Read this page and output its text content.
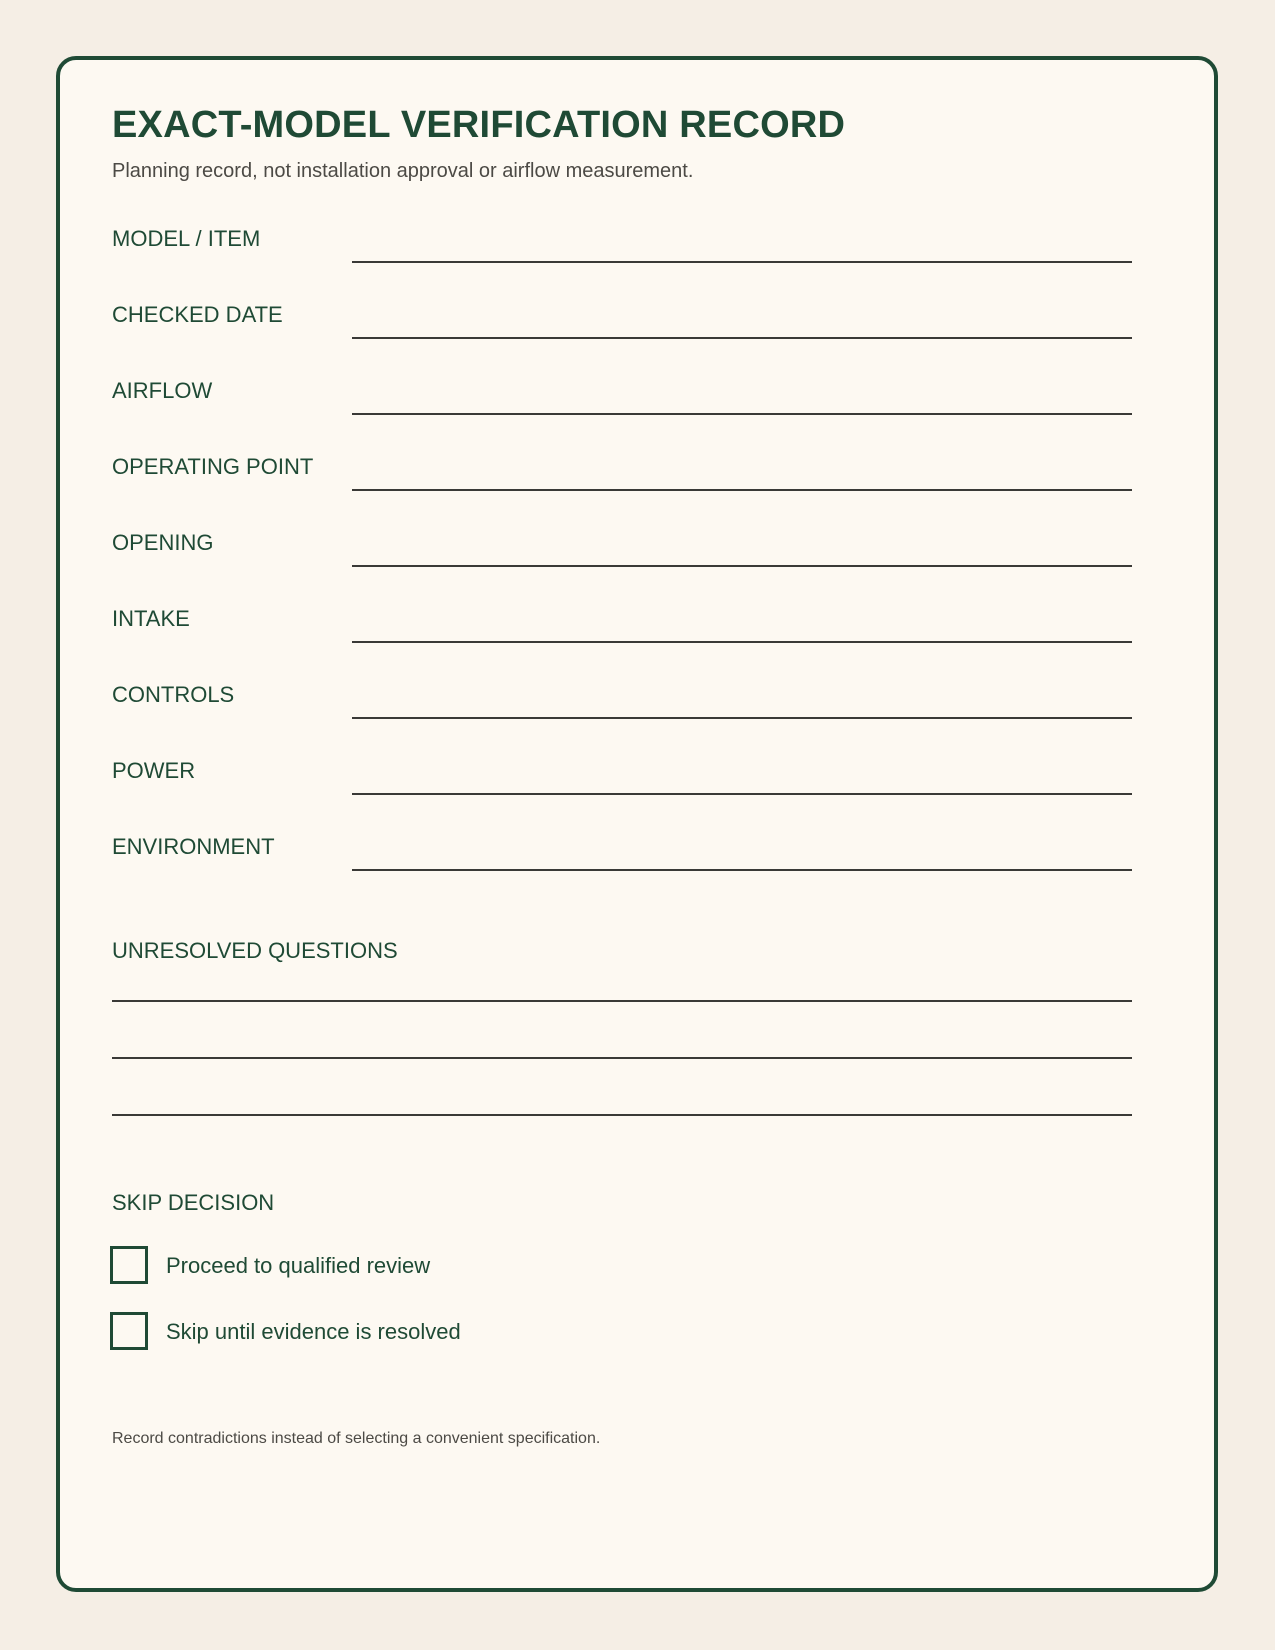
EXACT-MODEL VERIFICATION RECORD
Planning record, not installation approval or airflow measurement.
MODEL / ITEM
CHECKED DATE
AIRFLOW
OPERATING POINT
OPENING
INTAKE
CONTROLS
POWER
ENVIRONMENT
UNRESOLVED QUESTIONS
SKIP DECISION
Proceed to qualified review
Skip until evidence is resolved
Record contradictions instead of selecting a convenient specification.
